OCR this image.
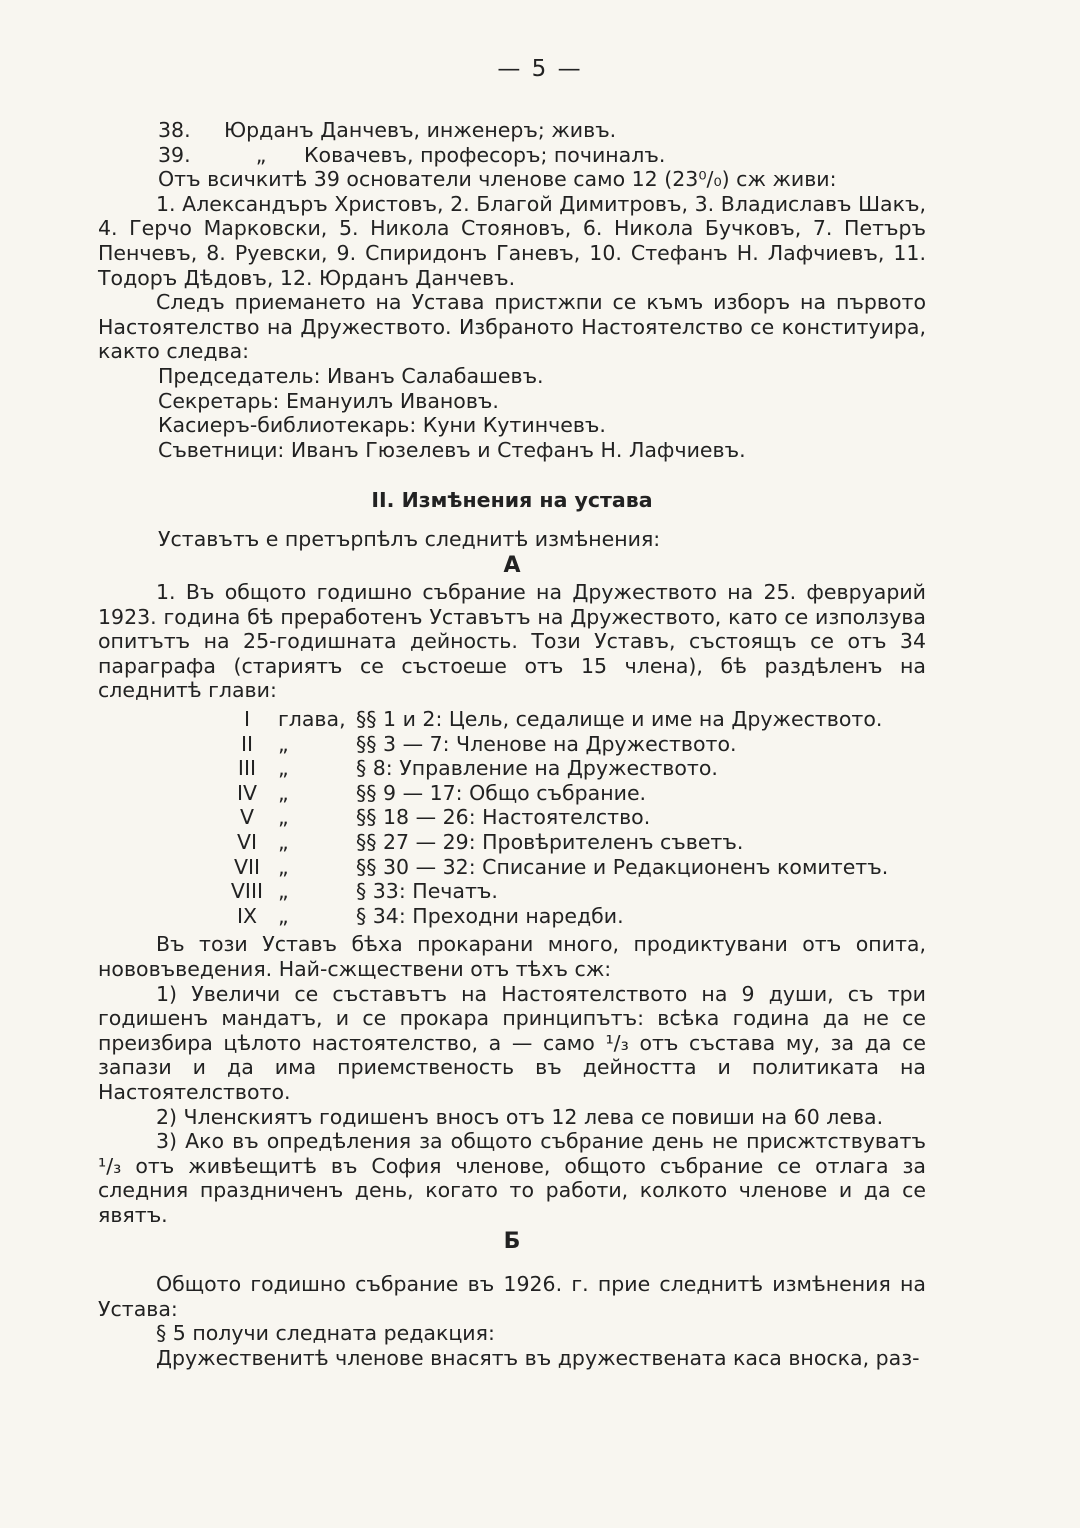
— 5 —
38.	Юрданъ Данчевъ, инженеръ; живъ.
39.	„	Ковачевъ, професоръ; починалъ.

Отъ всичкитѣ 39 основатели членове само 12 (23⁰/₀) сж живи:

1. Александъръ Христовъ, 2. Благой Димитровъ, 3. Владиславъ Шакъ, 4. Герчо Марковски, 5. Никола Стояновъ, 6. Никола Бучковъ, 7. Петъръ Пенчевъ, 8. Руевски, 9. Спиридонъ Ганевъ, 10. Стефанъ Н. Лафчиевъ, 11. Тодоръ Дѣдовъ, 12. Юрданъ Данчевъ.

Следъ приемането на Устава пристжпи се къмъ изборъ на първото Настоятелство на Дружеството. Избраното Настоятелство се конституира, както следва:

Председатель: Иванъ Салабашевъ.

Секретарь: Емануилъ Ивановъ.

Касиеръ-библиотекарь: Куни Кутинчевъ.

Съветници: Иванъ Гюзелевъ и Стефанъ Н. Лафчиевъ.

II. Измѣнения на устава

Уставътъ е претърпѣлъ следнитѣ измѣнения:

А

1. Въ общото годишно събрание на Дружеството на 25. февруарий 1923. година бѣ преработенъ Уставътъ на Дружеството, като се използува опитътъ на 25-годишната дейность. Този Уставъ, състоящъ се отъ 34 параграфа (стариятъ се състоеше отъ 15 члена), бѣ раздѣленъ на следнитѣ глави:

I	глава, §§ 1 и 2: Цель, седалище и име на Дружеството.
II	„	§§ 3 — 7: Членове на Дружеството.
III	„	§ 8: Управление на Дружеството.
IV	„	§§ 9 — 17: Общо събрание.
V	„	§§ 18 — 26: Настоятелство.
VI	„	§§ 27 — 29: Провѣрителенъ съветъ.
VII „	§§ 30 — 32: Списание и Редакционенъ комитетъ.
VIII „	§ 33: Печатъ.
IX	„	§ 34: Преходни наредби.

Въ този Уставъ бѣха прокарани много, продиктувани отъ опита, нововъведения. Най-сжществени отъ тѣхъ сж:

1) Увеличи се съставътъ на Настоятелството на 9 души, съ три годишенъ мандатъ, и се прокара принципътъ: всѣка година да не се преизбира цѣлото настоятелство, а — само ¹/₃ отъ състава му, за да се запази и да има приемственость въ дейността и политиката на Настоятелството.

2) Членскиятъ годишенъ вносъ отъ 12 лева се повиши на 60 лева.

3) Ако въ опредѣления за общото събрание день не присжтствуватъ ¹/₃ отъ живѣещитѣ въ София членове, общото събрание се отлага за следния праздниченъ день, когато то работи, колкото членове и да се явятъ.

Б

Общото годишно събрание въ 1926. г. прие следнитѣ измѣнения на Устава:

§ 5 получи следната редакция:

Дружественитѣ членове внасятъ въ дружествената каса вноска, раз-
